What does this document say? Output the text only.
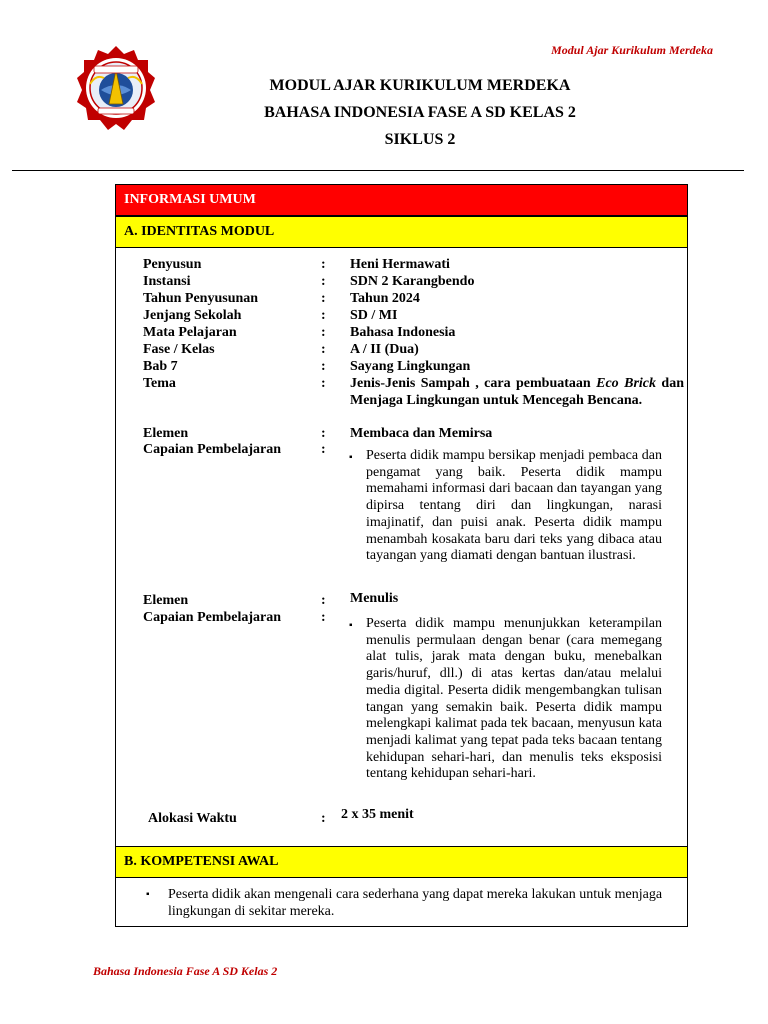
Modul Ajar Kurikulum Merdeka
MODUL AJAR KURIKULUM MERDEKA
BAHASA INDONESIA FASE A SD KELAS 2
SIKLUS 2
INFORMASI UMUM
A. IDENTITAS MODUL
Penyusun	:	Heni Hermawati
Instansi	:	SDN 2 Karangbendo
Tahun Penyusunan	:	Tahun 2024
Jenjang Sekolah	:	SD / MI
Mata Pelajaran	:	Bahasa Indonesia
Fase / Kelas	:	A / II (Dua)
Bab 7	:	Sayang Lingkungan
Tema	:	Jenis-Jenis Sampah , cara pembuataan Eco Brick dan Menjaga Lingkungan untuk Mencegah Bencana.
Elemen	:	Membaca dan Memirsa
Capaian Pembelajaran	:
▪ Peserta didik mampu bersikap menjadi pembaca dan pengamat yang baik. Peserta didik mampu memahami informasi dari bacaan dan tayangan yang dipirsa tentang diri dan lingkungan, narasi imajinatif, dan puisi anak. Peserta didik mampu menambah kosakata baru dari teks yang dibaca atau tayangan yang diamati dengan bantuan ilustrasi.
Elemen	:	Menulis
Capaian Pembelajaran	:
▪ Peserta didik mampu menunjukkan keterampilan menulis permulaan dengan benar (cara memegang alat tulis, jarak mata dengan buku, menebalkan garis/huruf, dll.) di atas kertas dan/atau melalui media digital. Peserta didik mengembangkan tulisan tangan yang semakin baik. Peserta didik mampu melengkapi kalimat pada tek bacaan, menyusun kata menjadi kalimat yang tepat pada teks bacaan tentang kehidupan sehari-hari, dan menulis teks eksposisi tentang kehidupan sehari-hari.
Alokasi Waktu	:	2 x 35 menit
B. KOMPETENSI AWAL
▪ Peserta didik akan mengenali cara sederhana yang dapat mereka lakukan untuk menjaga lingkungan di sekitar mereka.
Bahasa Indonesia Fase A SD Kelas 2
